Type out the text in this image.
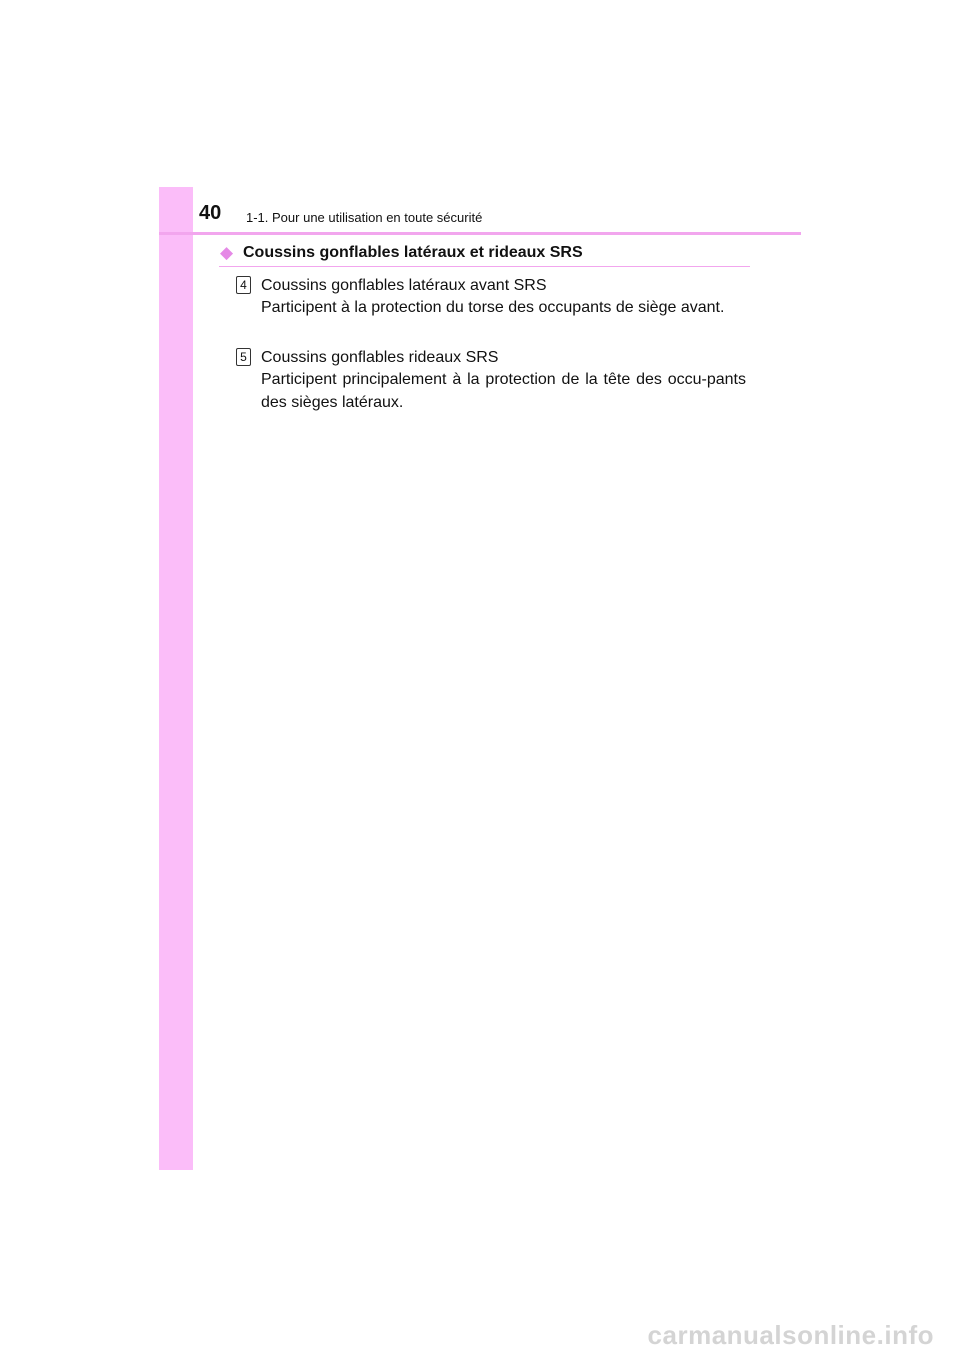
40 1-1. Pour une utilisation en toute sécurité
◆ Coussins gonflables latéraux et rideaux SRS
4 Coussins gonflables latéraux avant SRS
Participent à la protection du torse des occupants de siège avant.
5 Coussins gonflables rideaux SRS
Participent principalement à la protection de la tête des occu-pants des sièges latéraux.
carmanualsonline.info
